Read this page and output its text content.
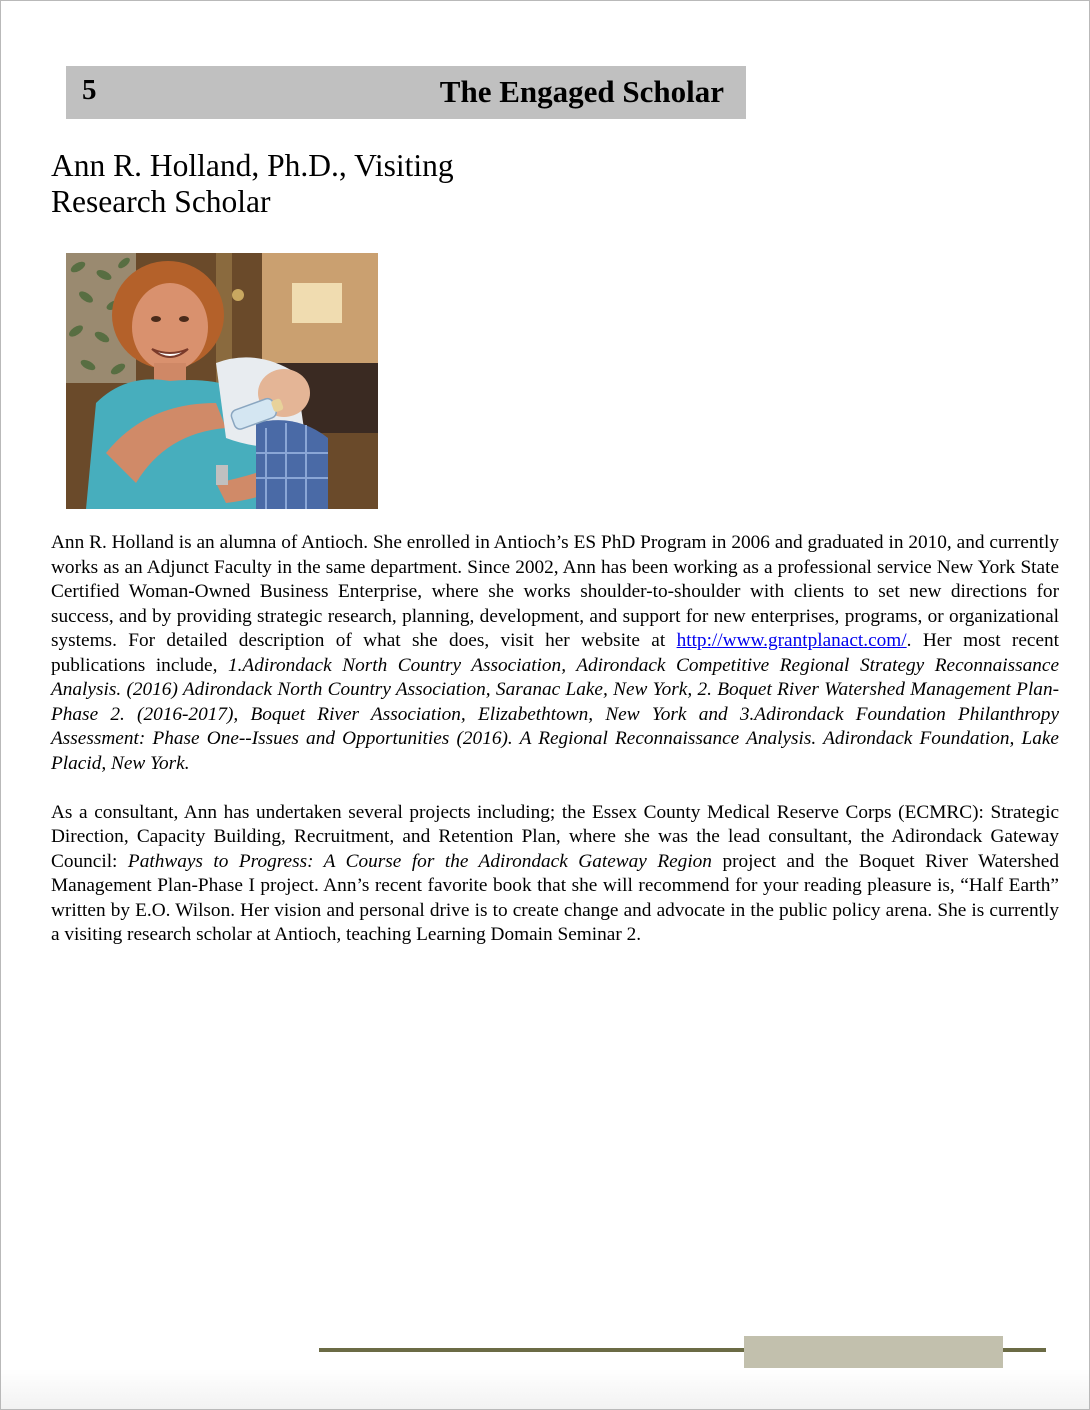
5	The Engaged Scholar
Ann R. Holland, Ph.D., Visiting Research Scholar

Ann R. Holland is an alumna of Antioch. She enrolled in Antioch’s ES PhD Program in 2006 and graduated in 2010, and currently works as an Adjunct Faculty in the same department. Since 2002, Ann has been working as a professional service New York State Certified Woman-Owned Business Enterprise, where she works shoulder-to-shoulder with clients to set new directions for success, and by providing strategic research, planning, development, and support for new enterprises, programs, or organizational systems. For detailed description of what she does, visit her website at http://www.grantplanact.com/. Her most recent publications include, 1.Adirondack North Country Association, Adirondack Competitive Regional Strategy Reconnaissance Analysis. (2016) Adirondack North Country Association, Saranac Lake, New York, 2. Boquet River Watershed Management Plan-Phase 2. (2016-2017), Boquet River Association, Elizabethtown, New York and 3.Adirondack Foundation Philanthropy Assessment: Phase One--Issues and Opportunities (2016). A Regional Reconnaissance Analysis. Adirondack Foundation, Lake Placid, New York.

As a consultant, Ann has undertaken several projects including; the Essex County Medical Reserve Corps (ECMRC): Strategic Direction, Capacity Building, Recruitment, and Retention Plan, where she was the lead consultant, the Adirondack Gateway Council: Pathways to Progress: A Course for the Adirondack Gateway Region project and the Boquet River Watershed Management Plan-Phase I project. Ann’s recent favorite book that she will recommend for your reading pleasure is, “Half Earth” written by E.O. Wilson. Her vision and personal drive is to create change and advocate in the public policy arena. She is currently a visiting research scholar at Antioch, teaching Learning Domain Seminar 2.
